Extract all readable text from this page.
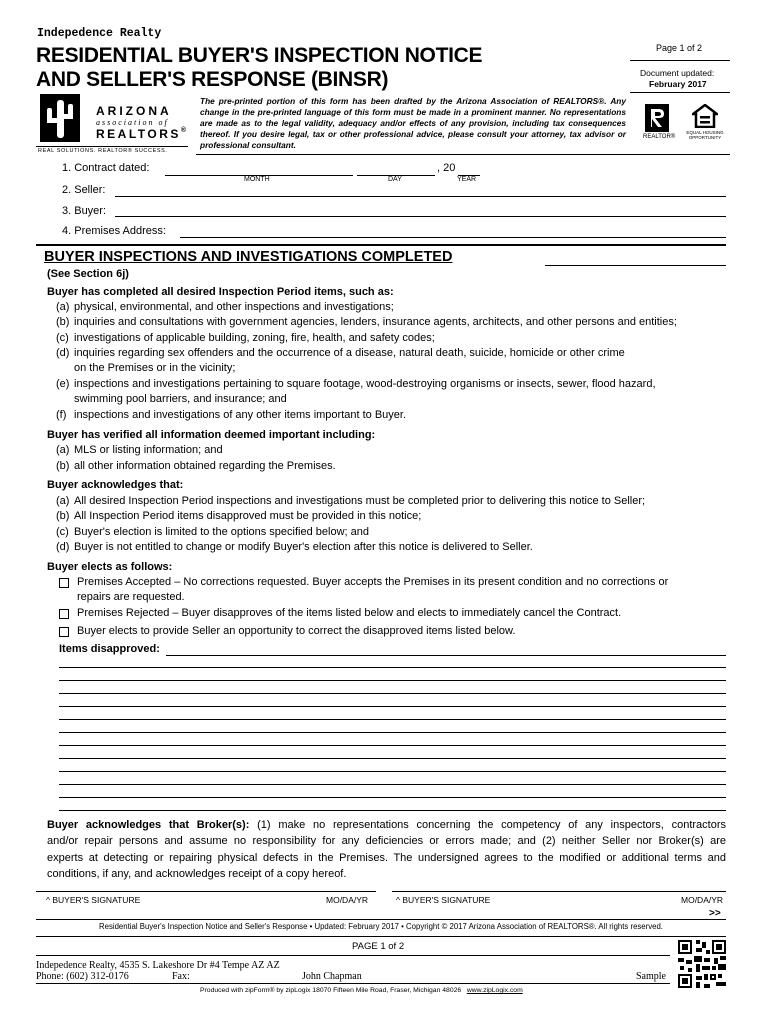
Indepedence Realty
RESIDENTIAL BUYER'S INSPECTION NOTICE
AND SELLER'S RESPONSE (BINSR)
Page 1 of 2
Document updated:
February 2017
ARIZONA
association of
REALTORS®
REAL SOLUTIONS. REALTOR® SUCCESS.
The pre-printed portion of this form has been drafted by the Arizona Association of REALTORS®. Any change in the pre-printed language of this form must be made in a prominent manner. No representations are made as to the legal validity, adequacy and/or effects of any provision, including tax consequences thereof. If you desire legal, tax or other professional advice, please consult your attorney, tax advisor or professional consultant.
REALTOR®
EQUAL HOUSING OPPORTUNITY
1. Contract dated:	, 20
MONTH	DAY	YEAR
2. Seller:
3. Buyer:
4. Premises Address:
BUYER INSPECTIONS AND INVESTIGATIONS COMPLETED
(See Section 6j)
Buyer has completed all desired Inspection Period items, such as:
(a) physical, environmental, and other inspections and investigations;
(b) inquiries and consultations with government agencies, lenders, insurance agents, architects, and other persons and entities;
(c) investigations of applicable building, zoning, fire, health, and safety codes;
(d) inquiries regarding sex offenders and the occurrence of a disease, natural death, suicide, homicide or other crime
on the Premises or in the vicinity;
(e) inspections and investigations pertaining to square footage, wood-destroying organisms or insects, sewer, flood hazard,
swimming pool barriers, and insurance; and
(f) inspections and investigations of any other items important to Buyer.
Buyer has verified all information deemed important including:
(a) MLS or listing information; and
(b) all other information obtained regarding the Premises.
Buyer acknowledges that:
(a) All desired Inspection Period inspections and investigations must be completed prior to delivering this notice to Seller;
(b) All Inspection Period items disapproved must be provided in this notice;
(c) Buyer's election is limited to the options specified below; and
(d) Buyer is not entitled to change or modify Buyer's election after this notice is delivered to Seller.
Buyer elects as follows:
Premises Accepted – No corrections requested. Buyer accepts the Premises in its present condition and no corrections or
repairs are requested.
Premises Rejected – Buyer disapproves of the items listed below and elects to immediately cancel the Contract.
Buyer elects to provide Seller an opportunity to correct the disapproved items listed below.
Items disapproved:
Buyer acknowledges that Broker(s): (1) make no representations concerning the competency of any inspectors, contractors
and/or repair persons and assume no responsibility for any deficiencies or errors made; and (2) neither Seller nor Broker(s) are
experts at detecting or repairing physical defects in the Premises. The undersigned agrees to the modified or additional terms and
conditions, if any, and acknowledges receipt of a copy hereof.
^ BUYER'S SIGNATURE	MO/DA/YR	^ BUYER'S SIGNATURE	MO/DA/YR
>>
Residential Buyer's Inspection Notice and Seller's Response • Updated: February 2017 • Copyright © 2017 Arizona Association of REALTORS®. All rights reserved.
PAGE 1 of 2
Indepedence Realty, 4535 S. Lakeshore Dr #4 Tempe AZ AZ
Phone: (602) 312-0176	Fax:	John Chapman	Sample
Produced with zipForm® by zipLogix 18070 Fifteen Mile Road, Fraser, Michigan 48026 www.zipLogix.com
